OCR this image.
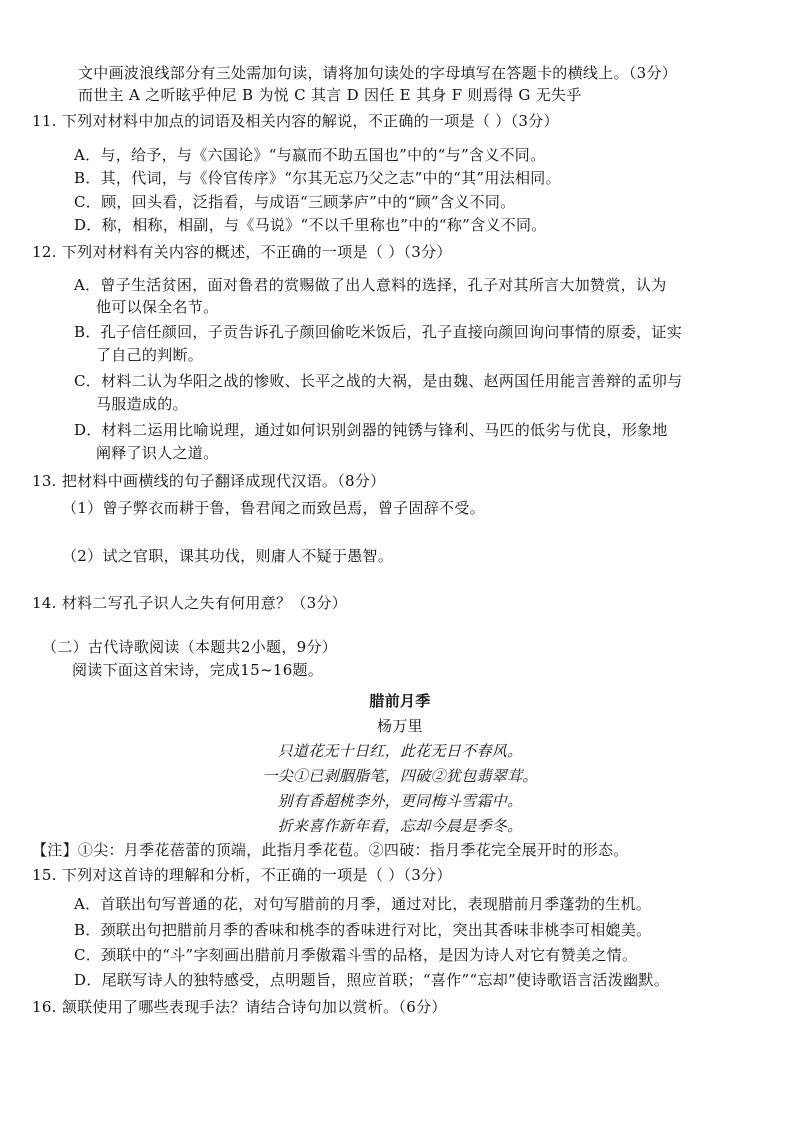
文中画波浪线部分有三处需加句读，请将加句读处的字母填写在答题卡的横线上。（3分）
而世主 A 之听眩乎仲尼 B 为悦 C 其言 D 因任 E 其身 F 则焉得 G 无失乎
11. 下列对材料中加点的词语及相关内容的解说，不正确的一项是（ ）（3分）
A．与，给予，与《六国论》“与嬴而不助五国也”中的“与”含义不同。
B．其，代词，与《伶官传序》“尔其无忘乃父之志”中的“其”用法相同。
C．顾，回头看，泛指看，与成语“三顾茅庐”中的“顾”含义不同。
D．称，相称，相副，与《马说》“不以千里称也”中的“称”含义不同。
12. 下列对材料有关内容的概述，不正确的一项是（ ）（3分）
A．曾子生活贫困，面对鲁君的赏赐做了出人意料的选择，孔子对其所言大加赞赏，认为
他可以保全名节。
B．孔子信任颜回，子贡告诉孔子颜回偷吃米饭后，孔子直接向颜回询问事情的原委，证实
了自己的判断。
C．材料二认为华阳之战的惨败、长平之战的大祸，是由魏、赵两国任用能言善辩的孟卯与
马服造成的。
D．材料二运用比喻说理，通过如何识别剑器的钝锈与锋利、马匹的低劣与优良，形象地
阐释了识人之道。
13. 把材料中画横线的句子翻译成现代汉语。（8分）
（1）曾子弊衣而耕于鲁，鲁君闻之而致邑焉，曾子固辞不受。
（2）试之官职，课其功伐，则庸人不疑于愚智。
14. 材料二写孔子识人之失有何用意？（3分）
（二）古代诗歌阅读（本题共2小题，9分）
阅读下面这首宋诗，完成15~16题。
腊前月季
杨万里
只道花无十日红，此花无日不春风。
一尖①已剥胭脂笔，四破②犹包翡翠茸。
别有香超桃李外，更同梅斗雪霜中。
折来喜作新年看，忘却今晨是季冬。
【注】①尖：月季花蓓蕾的顶端，此指月季花苞。②四破：指月季花完全展开时的形态。
15. 下列对这首诗的理解和分析，不正确的一项是（ ）（3分）
A．首联出句写普通的花，对句写腊前的月季，通过对比，表现腊前月季蓬勃的生机。
B．颈联出句把腊前月季的香味和桃李的香味进行对比，突出其香味非桃李可相媲美。
C．颈联中的“斗”字刻画出腊前月季傲霜斗雪的品格，是因为诗人对它有赞美之情。
D．尾联写诗人的独特感受，点明题旨，照应首联；“喜作”“忘却”使诗歌语言活泼幽默。
16. 颔联使用了哪些表现手法？请结合诗句加以赏析。（6分）
